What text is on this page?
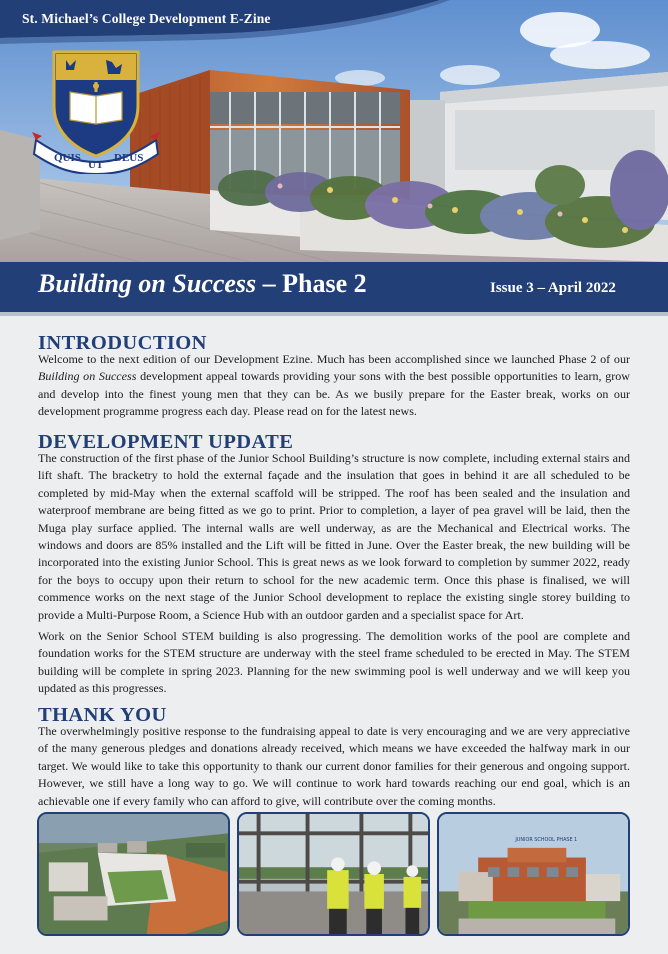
St. Michael’s College Development E-Zine
QUIS
UT
DEUS
Building on Success – Phase 2	Issue 3 – April 2022
INTRODUCTION

Welcome to the next edition of our Development Ezine. Much has been accomplished since we launched Phase 2 of our Building on Success development appeal towards providing your sons with the best possible opportunities to learn, grow and develop into the finest young men that they can be. As we busily prepare for the Easter break, works on our development programme progress each day. Please read on for the latest news.

DEVELOPMENT UPDATE

The construction of the first phase of the Junior School Building’s structure is now complete, including external stairs and lift shaft. The bracketry to hold the external façade and the insulation that goes in behind it are all scheduled to be completed by mid-May when the external scaffold will be stripped. The roof has been sealed and the insulation and waterproof membrane are being fitted as we go to print. Prior to completion, a layer of pea gravel will be laid, then the Muga play surface applied. The internal walls are well underway, as are the Mechanical and Electrical works. The windows and doors are 85% installed and the Lift will be fitted in June. Over the Easter break, the new building will be incorporated into the existing Junior School. This is great news as we look forward to completion by summer 2022, ready for the boys to occupy upon their return to school for the new academic term. Once this phase is finalised, we will commence works on the next stage of the Junior School development to replace the existing single storey building to provide a Multi-Purpose Room, a Science Hub with an outdoor garden and a specialist space for Art.

Work on the Senior School STEM building is also progressing. The demolition works of the pool are complete and foundation works for the STEM structure are underway with the steel frame scheduled to be erected in May. The STEM building will be complete in spring 2023. Planning for the new swimming pool is well underway and we will keep you updated as this progresses.

THANK YOU

The overwhelmingly positive response to the fundraising appeal to date is very encouraging and we are very appreciative of the many generous pledges and donations already received, which means we have exceeded the halfway mark in our target. We would like to take this opportunity to thank our current donor families for their generous and ongoing support. However, we still have a long way to go. We will continue to work hard towards reaching our end goal, which is an achievable one if every family who can afford to give, will contribute over the coming months.

JUNIOR SCHOOL PHASE 1
